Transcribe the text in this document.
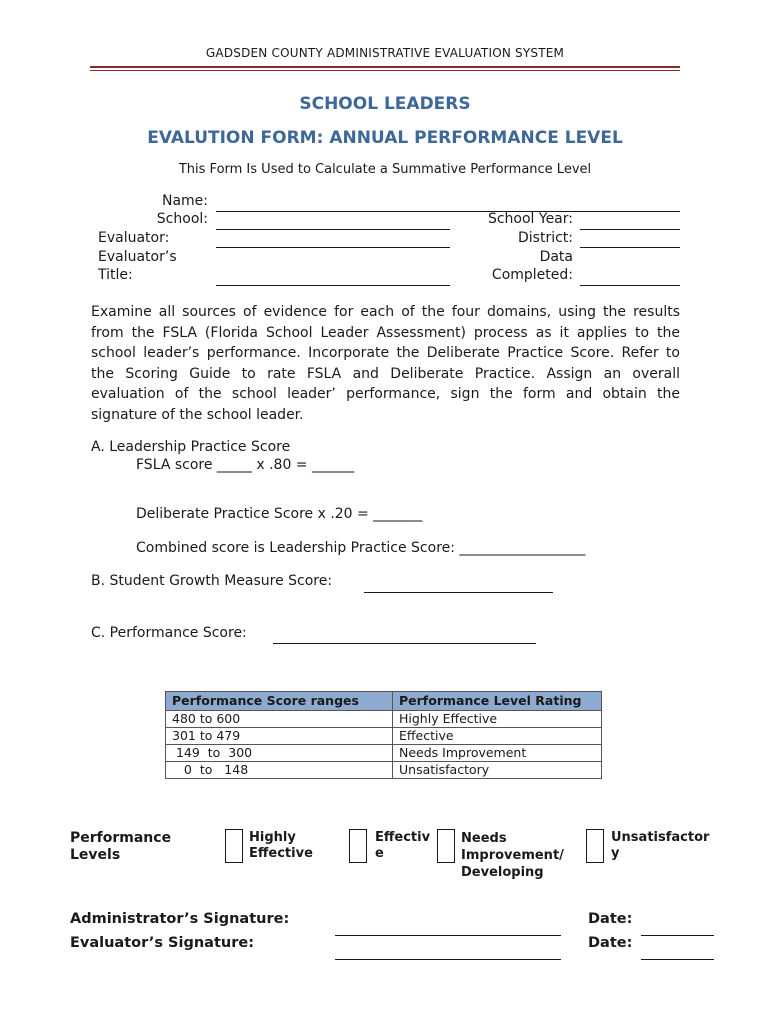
GADSDEN COUNTY ADMINISTRATIVE EVALUATION SYSTEM
SCHOOL LEADERS
EVALUTION FORM: ANNUAL PERFORMANCE LEVEL
This Form Is Used to Calculate a Summative Performance Level
Name:
School:	School Year:
Evaluator:	District:
Evaluator’s	Data
Title:	Completed:
Examine all sources of evidence for each of the four domains, using the results from the FSLA (Florida School Leader Assessment) process as it applies to the school leader’s performance. Incorporate the Deliberate Practice Score. Refer to the Scoring Guide to rate FSLA and Deliberate Practice. Assign an overall evaluation of the school leader’ performance, sign the form and obtain the signature of the school leader.
A. Leadership Practice Score
FSLA score _____ x .80 = ______
Deliberate Practice Score x .20 = _______
Combined score is Leadership Practice Score: __________________
B. Student Growth Measure Score:
C. Performance Score:
Performance Score ranges	Performance Level Rating
480 to 600	Highly Effective
301 to 479	Effective
149  to  300	Needs Improvement
0  to   148	Unsatisfactory
Performance Levels
Highly Effective
Effectiv e
Needs Improvement/ Developing
Unsatisfactor y
Administrator’s Signature:	Date:
Evaluator’s Signature:	Date:
